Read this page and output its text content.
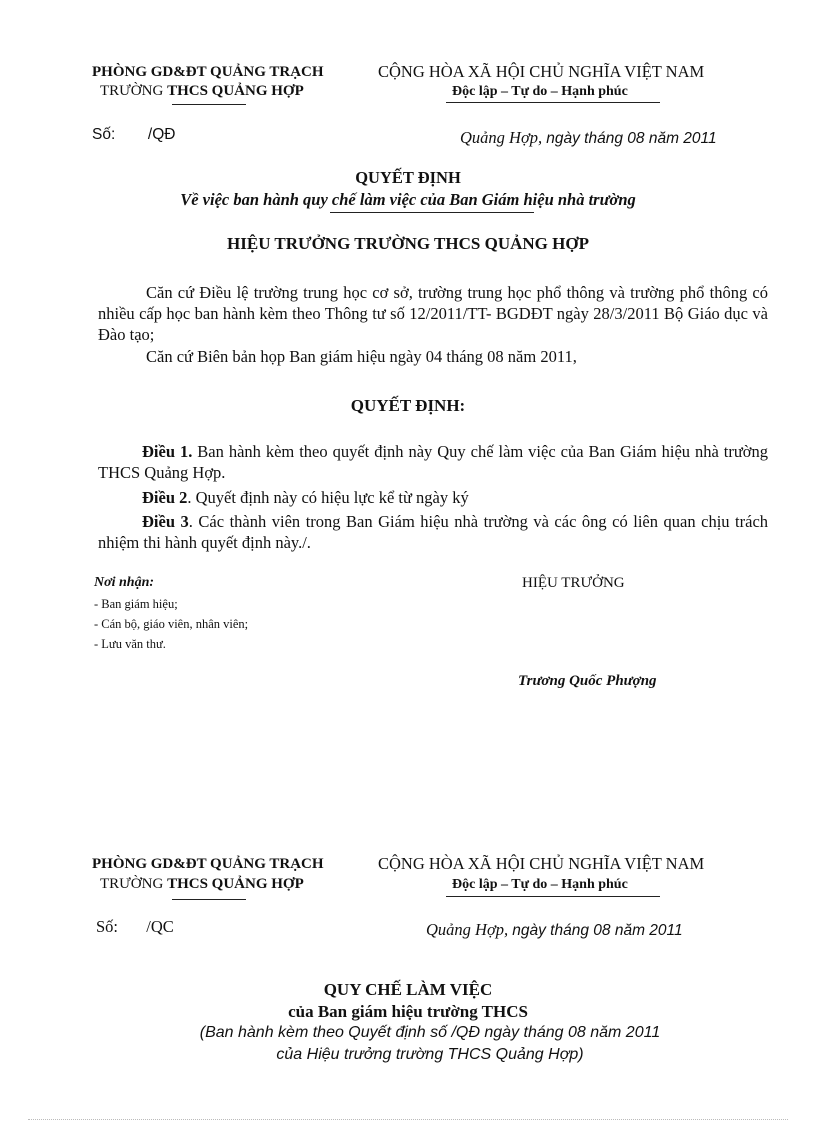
PHÒNG GD&ĐT QUẢNG TRẠCH
TRƯỜNG THCS QUẢNG HỢP
CỘNG HÒA XÃ HỘI CHỦ NGHĨA VIỆT NAM
Độc lập – Tự do – Hạnh phúc
Số: /QĐ	Quảng Hợp, ngày tháng 08 năm 2011
QUYẾT ĐỊNH
Về việc ban hành quy chế làm việc của Ban Giám hiệu nhà trường
HIỆU TRƯỞNG TRƯỜNG THCS QUẢNG HỢP
Căn cứ Điều lệ trường trung học cơ sở, trường trung học phổ thông và trường phổ thông có nhiều cấp học ban hành kèm theo Thông tư số 12/2011/TT- BGDĐT ngày 28/3/2011 Bộ Giáo dục và Đào tạo;
Căn cứ Biên bản họp Ban giám hiệu ngày 04 tháng 08 năm 2011,
QUYẾT ĐỊNH:
Điều 1. Ban hành kèm theo quyết định này Quy chế làm việc của Ban Giám hiệu nhà trường THCS Quảng Hợp.
Điều 2. Quyết định này có hiệu lực kể từ ngày ký
Điều 3. Các thành viên trong Ban Giám hiệu nhà trường và các ông có liên quan chịu trách nhiệm thi hành quyết định này./.
Nơi nhận:
- Ban giám hiệu;
- Cán bộ, giáo viên, nhân viên;
- Lưu văn thư.
HIỆU TRƯỞNG
Trương Quốc Phượng
PHÒNG GD&ĐT QUẢNG TRẠCH
TRƯỜNG THCS QUẢNG HỢP
CỘNG HÒA XÃ HỘI CHỦ NGHĨA VIỆT NAM
Độc lập – Tự do – Hạnh phúc
Số: /QC	Quảng Hợp, ngày tháng 08 năm 2011
QUY CHẾ LÀM VIỆC
của Ban giám hiệu trường THCS
(Ban hành kèm theo Quyết định số /QĐ ngày tháng 08 năm 2011
của Hiệu trưởng trường THCS Quảng Hợp)
